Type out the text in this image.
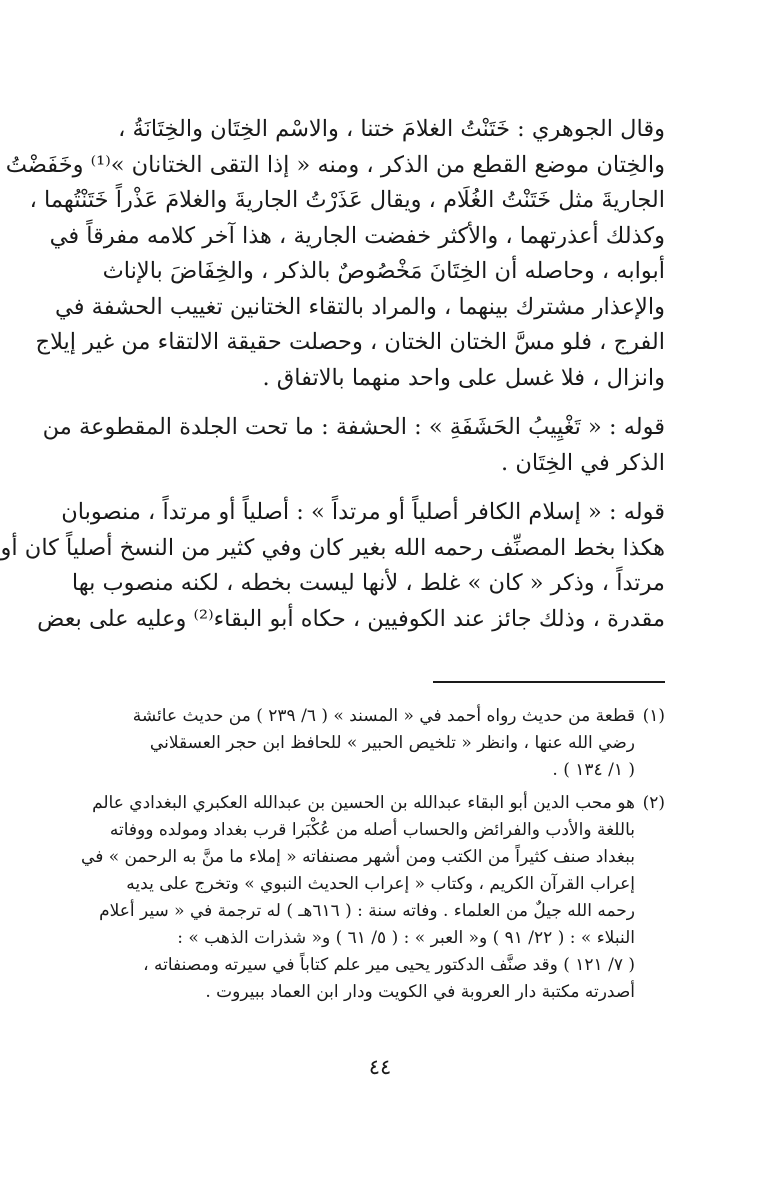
وقال الجوهري : خَتَنْتُ الغلامَ ختنا ، والاسْم الخِتَان والخِتَانَةُ ،
والخِتان موضع القطع من الذكر ، ومنه « إذا التقى الختانان »⁽¹⁾ وخَفَضْتُ
الجاريةَ مثل خَتَنْتُ الغُلَام ، ويقال عَذَرْتُ الجاريةَ والغلامَ عَذْراً خَتَنْتُهما ،
وكذلك أعذرتهما ، والأكثر خفضت الجارية ، هذا آخر كلامه مفرقاً في
أبوابه ، وحاصله أن الخِتَانَ مَخْصُوصٌ بالذكر ، والخِفَاضَ بالإناث
والإعذار مشترك بينهما ، والمراد بالتقاء الختانين تغييب الحشفة في
الفرج ، فلو مسَّ الختان الختان ، وحصلت حقيقة الالتقاء من غير إيلاج
وانزال ، فلا غسل على واحد منهما بالاتفاق .

قوله : « تَغْيِيبُ الحَشَفَةِ » : الحشفة : ما تحت الجلدة المقطوعة من
الذكر في الخِتَان .

قوله : « إسلام الكافر أصلياً أو مرتداً » : أصلياً أو مرتداً ، منصوبان
هكذا بخط المصنِّف رحمه الله بغير كان وفي كثير من النسخ أصلياً كان أو
مرتداً ، وذكر « كان » غلط ، لأنها ليست بخطه ، لكنه منصوب بها
مقدرة ، وذلك جائز عند الكوفيين ، حكاه أبو البقاء⁽²⁾ وعليه على بعض

(١)
قطعة من حديث رواه أحمد في « المسند » ( ٦/ ٢٣٩ ) من حديث عائشة
رضي الله عنها ، وانظر « تلخيص الحبير » للحافظ ابن حجر العسقلاني
( ١/ ١٣٤ ) .
(٢)
هو محب الدين أبو البقاء عبدالله بن الحسين بن عبدالله العكبري البغدادي عالم
باللغة والأدب والفرائض والحساب أصله من عُكْبَرا قرب بغداد ومولده ووفاته
ببغداد صنف كثيراً من الكتب ومن أشهر مصنفاته « إملاء ما منَّ به الرحمن » في
إعراب القرآن الكريم ، وكتاب « إعراب الحديث النبوي » وتخرج على يديه
رحمه الله جيلٌ من العلماء . وفاته سنة : ( ٦١٦هـ ) له ترجمة في « سير أعلام
النبلاء » : ( ٢٢/ ٩١ ) و« العبر » : ( ٥/ ٦١ ) و« شذرات الذهب » :
( ٧/ ١٢١ ) وقد صنَّف الدكتور يحيى مير علم كتاباً في سيرته ومصنفاته ،
أصدرته مكتبة دار العروبة في الكويت ودار ابن العماد ببيروت .
٤٤
